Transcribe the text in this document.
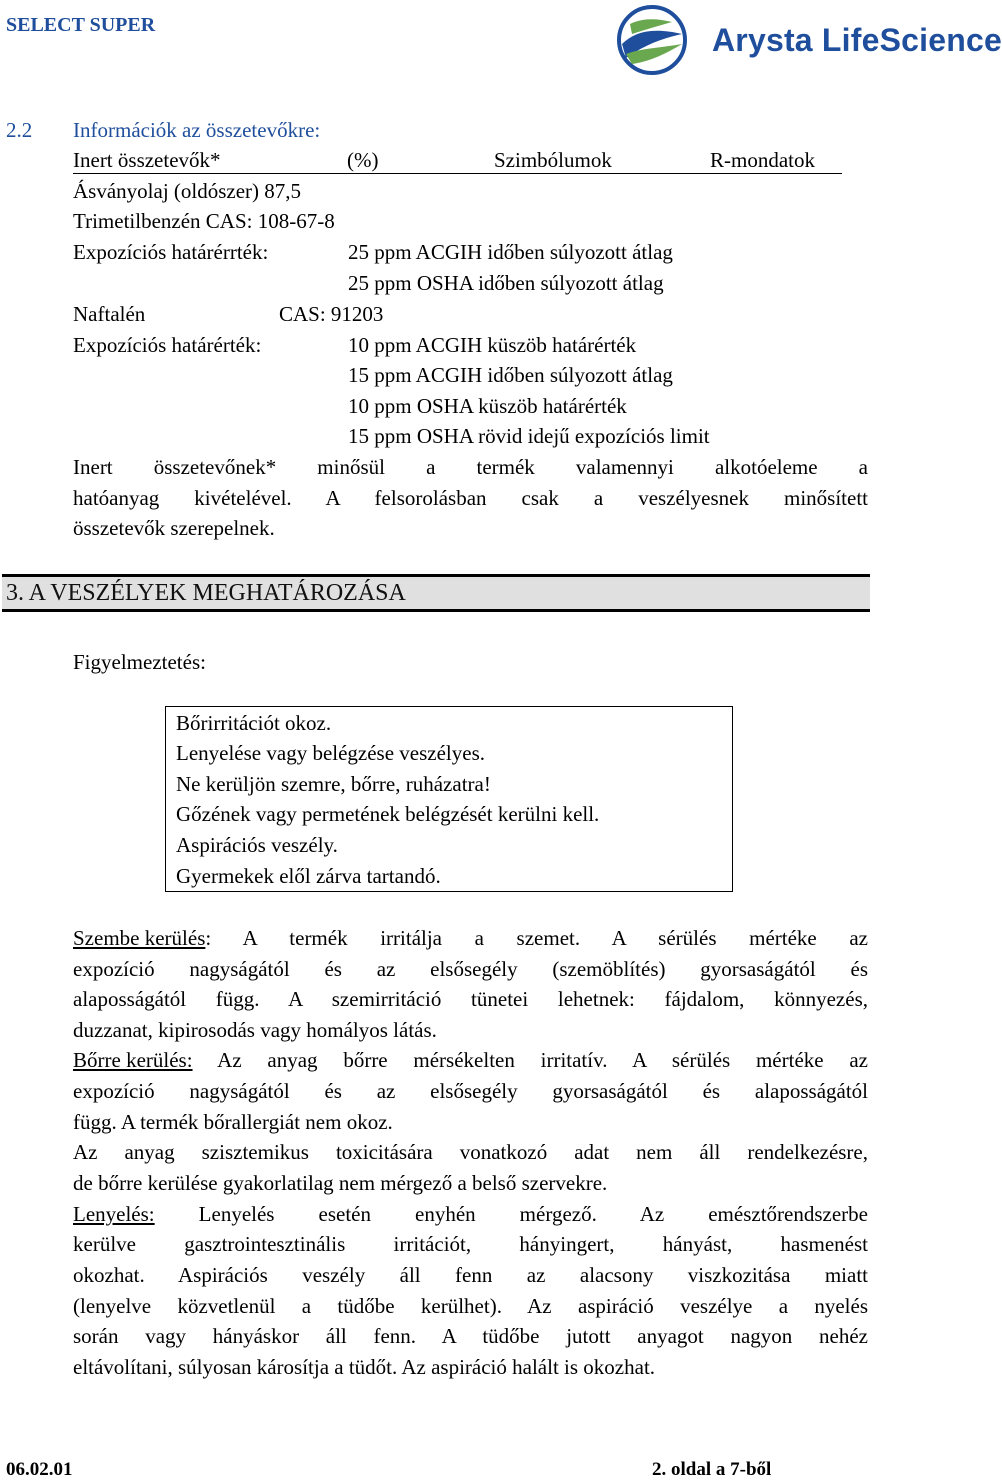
SELECT SUPER	Arysta LifeScience
2.2 Információk az összetevőkre:
Inert összetevők*	(%)	Szimbólumok	R-mondatok
Ásványolaj (oldószer) 87,5
Trimetilbenzén CAS: 108-67-8
Expozíciós határérrték:	25 ppm ACGIH időben súlyozott átlag
25 ppm OSHA időben súlyozott átlag
Naftalén	CAS: 91203
Expozíciós határérték:	10 ppm ACGIH küszöb határérték
15 ppm ACGIH időben súlyozott átlag
10 ppm OSHA küszöb határérték
15 ppm OSHA rövid idejű expozíciós limit
Inert összetevőnek* minősül a termék valamennyi alkotóeleme a
hatóanyag kivételével. A felsorolásban csak a veszélyesnek minősített
összetevők szerepelnek.
3. A VESZÉLYEK MEGHATÁROZÁSA
Figyelmeztetés:
Bőrirritációt okoz.
Lenyelése vagy belégzése veszélyes.
Ne kerüljön szemre, bőrre, ruházatra!
Gőzének vagy permetének belégzését kerülni kell.
Aspirációs veszély.
Gyermekek elől zárva tartandó.
Szembe kerülés : A termék irritálja a szemet. A sérülés mértéke az
expozíció nagyságától és az elsősegély (szemöblítés) gyorsaságától és
alaposságától függ. A szemirritáció tünetei lehetnek: fájdalom, könnyezés,
duzzanat, kipirosodás vagy homályos látás.
Bőrre kerülés: Az anyag bőrre mérsékelten irritatív. A sérülés mértéke az
expozíció nagyságától és az elsősegély gyorsaságától és alaposságától
függ. A termék bőrallergiát nem okoz.
Az anyag szisztemikus toxicitására vonatkozó adat nem áll rendelkezésre,
de bőrre kerülése gyakorlatilag nem mérgező a belső szervekre.
Lenyelés: Lenyelés esetén enyhén mérgező. Az emésztőrendszerbe
kerülve gasztrointesztinális irritációt, hányingert, hányást, hasmenést
okozhat. Aspirációs veszély áll fenn az alacsony viszkozitása miatt
(lenyelve közvetlenül a tüdőbe kerülhet). Az aspiráció veszélye a nyelés
során vagy hányáskor áll fenn. A tüdőbe jutott anyagot nagyon nehéz
eltávolítani, súlyosan károsítja a tüdőt. Az aspiráció halált is okozhat.
06.02.01	2. oldal a 7-ből
